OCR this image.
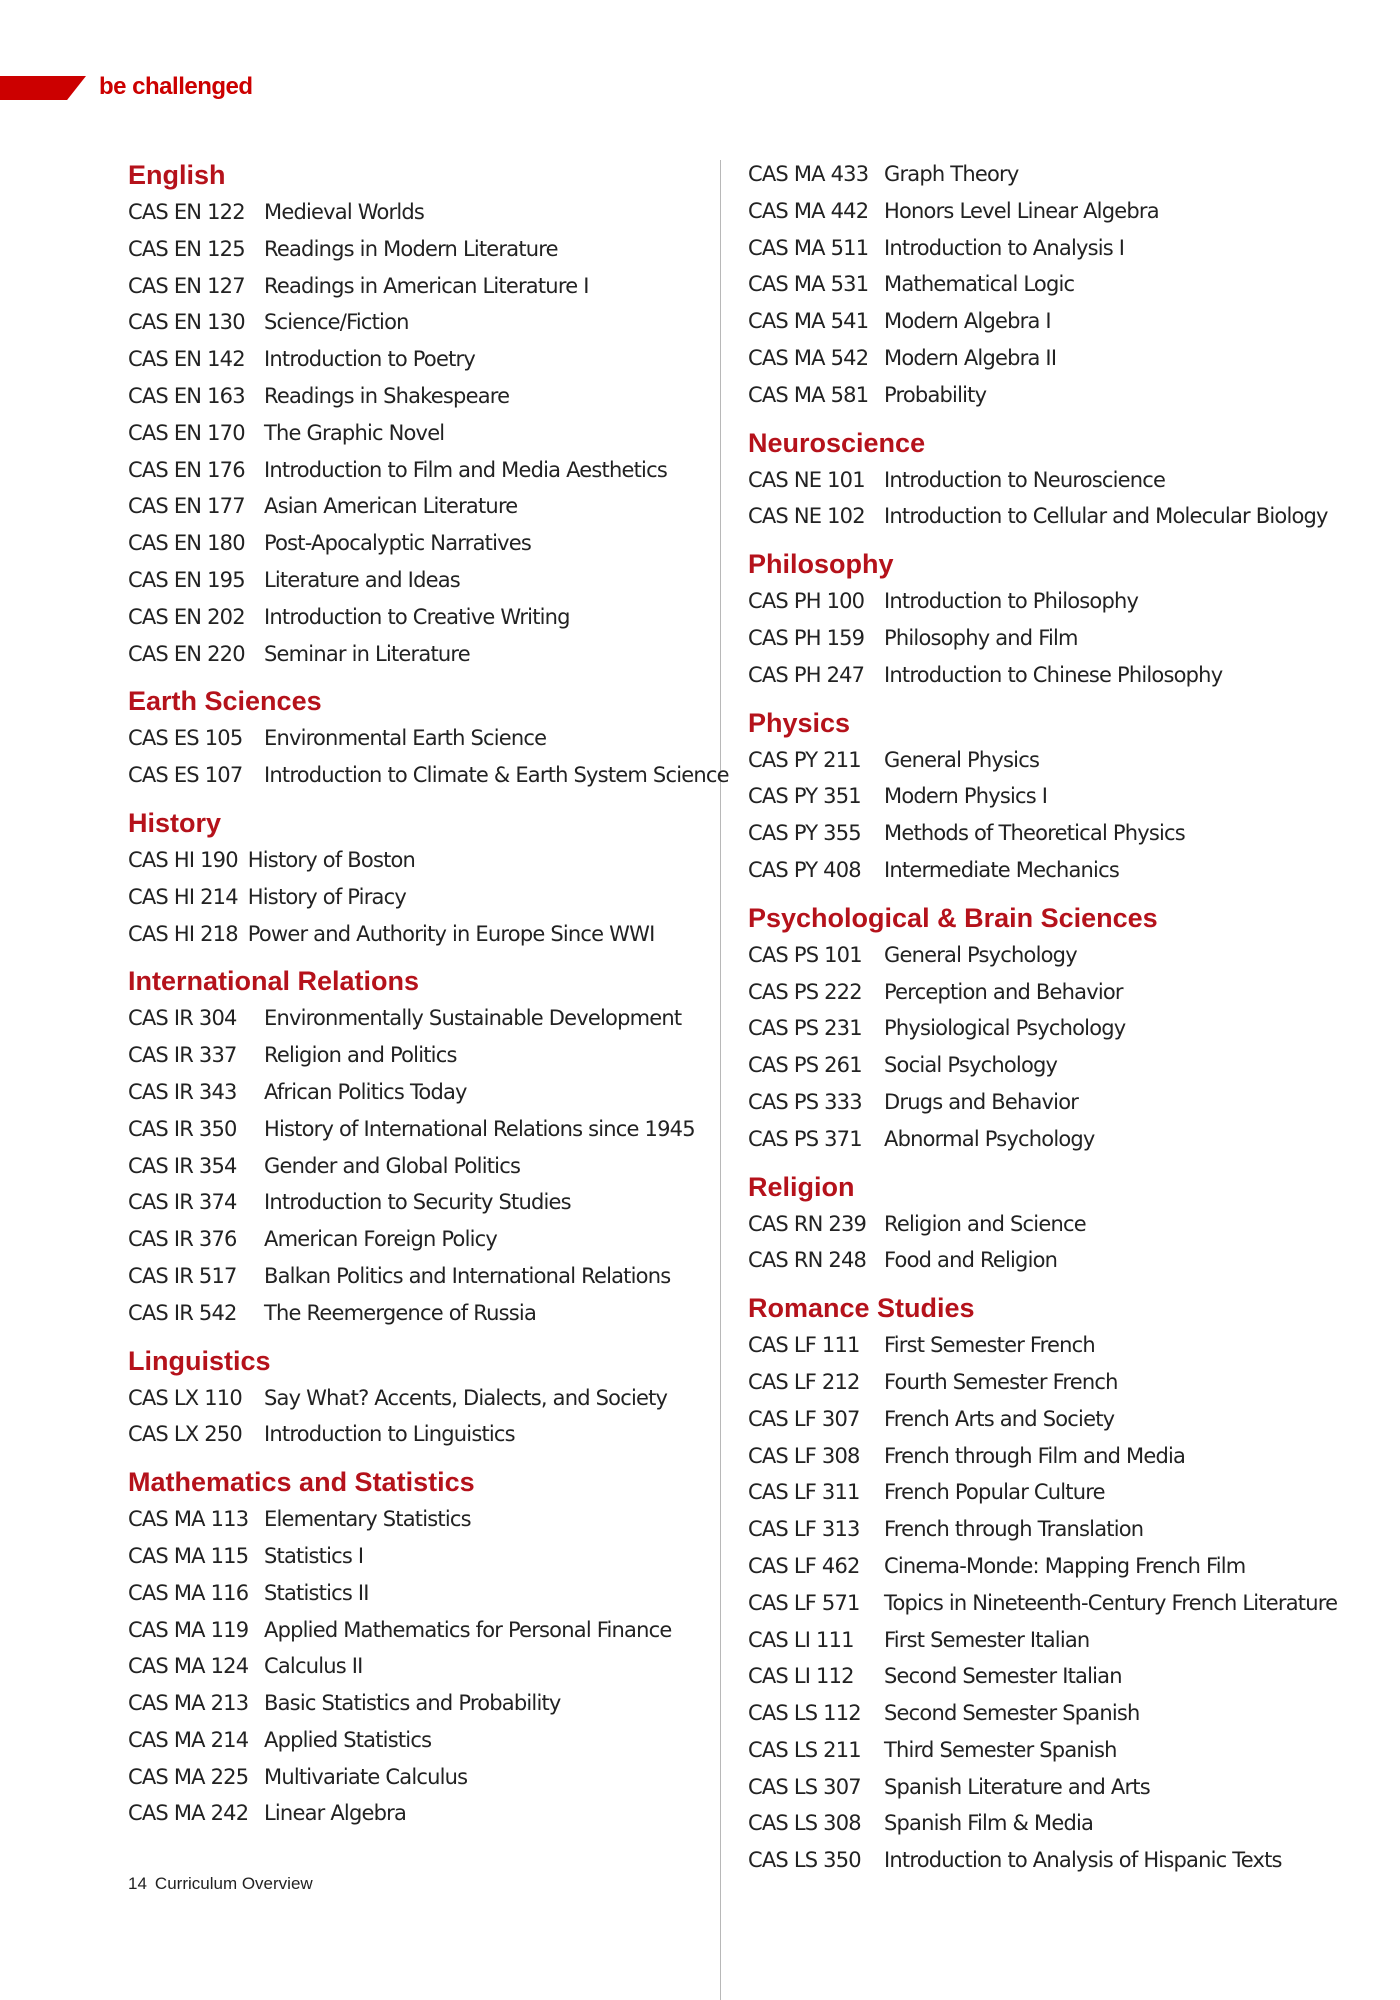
be challenged
English
CAS EN 122 Medieval Worlds
CAS EN 125 Readings in Modern Literature
CAS EN 127 Readings in American Literature I
CAS EN 130 Science/Fiction
CAS EN 142 Introduction to Poetry
CAS EN 163 Readings in Shakespeare
CAS EN 170 The Graphic Novel
CAS EN 176 Introduction to Film and Media Aesthetics
CAS EN 177 Asian American Literature
CAS EN 180 Post-Apocalyptic Narratives
CAS EN 195 Literature and Ideas
CAS EN 202 Introduction to Creative Writing
CAS EN 220 Seminar in Literature
Earth Sciences
CAS ES 105	Environmental Earth Science
CAS ES 107	Introduction to Climate & Earth System Science
History
CAS HI 190 History of Boston
CAS HI 214 History of Piracy
CAS HI 218 Power and Authority in Europe Since WWI
International Relations
CAS IR 304	Environmentally Sustainable Development
CAS IR 337	Religion and Politics
CAS IR 343	African Politics Today
CAS IR 350	History of International Relations since 1945
CAS IR 354	Gender and Global Politics
CAS IR 374	Introduction to Security Studies
CAS IR 376	American Foreign Policy
CAS IR 517	Balkan Politics and International Relations
CAS IR 542	The Reemergence of Russia
Linguistics
CAS LX 110	Say What? Accents, Dialects, and Society
CAS LX 250	Introduction to Linguistics
Mathematics and Statistics
CAS MA 113 Elementary Statistics
CAS MA 115 Statistics I
CAS MA 116 Statistics II
CAS MA 119 Applied Mathematics for Personal Finance
CAS MA 124 Calculus II
CAS MA 213 Basic Statistics and Probability
CAS MA 214 Applied Statistics
CAS MA 225 Multivariate Calculus
CAS MA 242 Linear Algebra
CAS MA 433 Graph Theory
CAS MA 442 Honors Level Linear Algebra
CAS MA 511 Introduction to Analysis I
CAS MA 531 Mathematical Logic
CAS MA 541 Modern Algebra I
CAS MA 542 Modern Algebra II
CAS MA 581 Probability
Neuroscience
CAS NE 101 Introduction to Neuroscience
CAS NE 102 Introduction to Cellular and Molecular Biology
Philosophy
CAS PH 100 Introduction to Philosophy
CAS PH 159 Philosophy and Film
CAS PH 247 Introduction to Chinese Philosophy
Physics
CAS PY 211	General Physics
CAS PY 351	Modern Physics I
CAS PY 355	Methods of Theoretical Physics
CAS PY 408	Intermediate Mechanics
Psychological & Brain Sciences
CAS PS 101	General Psychology
CAS PS 222	Perception and Behavior
CAS PS 231	Physiological Psychology
CAS PS 261	Social Psychology
CAS PS 333	Drugs and Behavior
CAS PS 371	Abnormal Psychology
Religion
CAS RN 239 Religion and Science
CAS RN 248 Food and Religion
Romance Studies
CAS LF 111	First Semester French
CAS LF 212	Fourth Semester French
CAS LF 307	French Arts and Society
CAS LF 308	French through Film and Media
CAS LF 311	French Popular Culture
CAS LF 313	French through Translation
CAS LF 462	Cinema-Monde: Mapping French Film
CAS LF 571	Topics in Nineteenth-Century French Literature
CAS LI 111	First Semester Italian
CAS LI 112	Second Semester Italian
CAS LS 112	Second Semester Spanish
CAS LS 211	Third Semester Spanish
CAS LS 307	Spanish Literature and Arts
CAS LS 308	Spanish Film & Media
CAS LS 350	Introduction to Analysis of Hispanic Texts
14 Curriculum Overview
